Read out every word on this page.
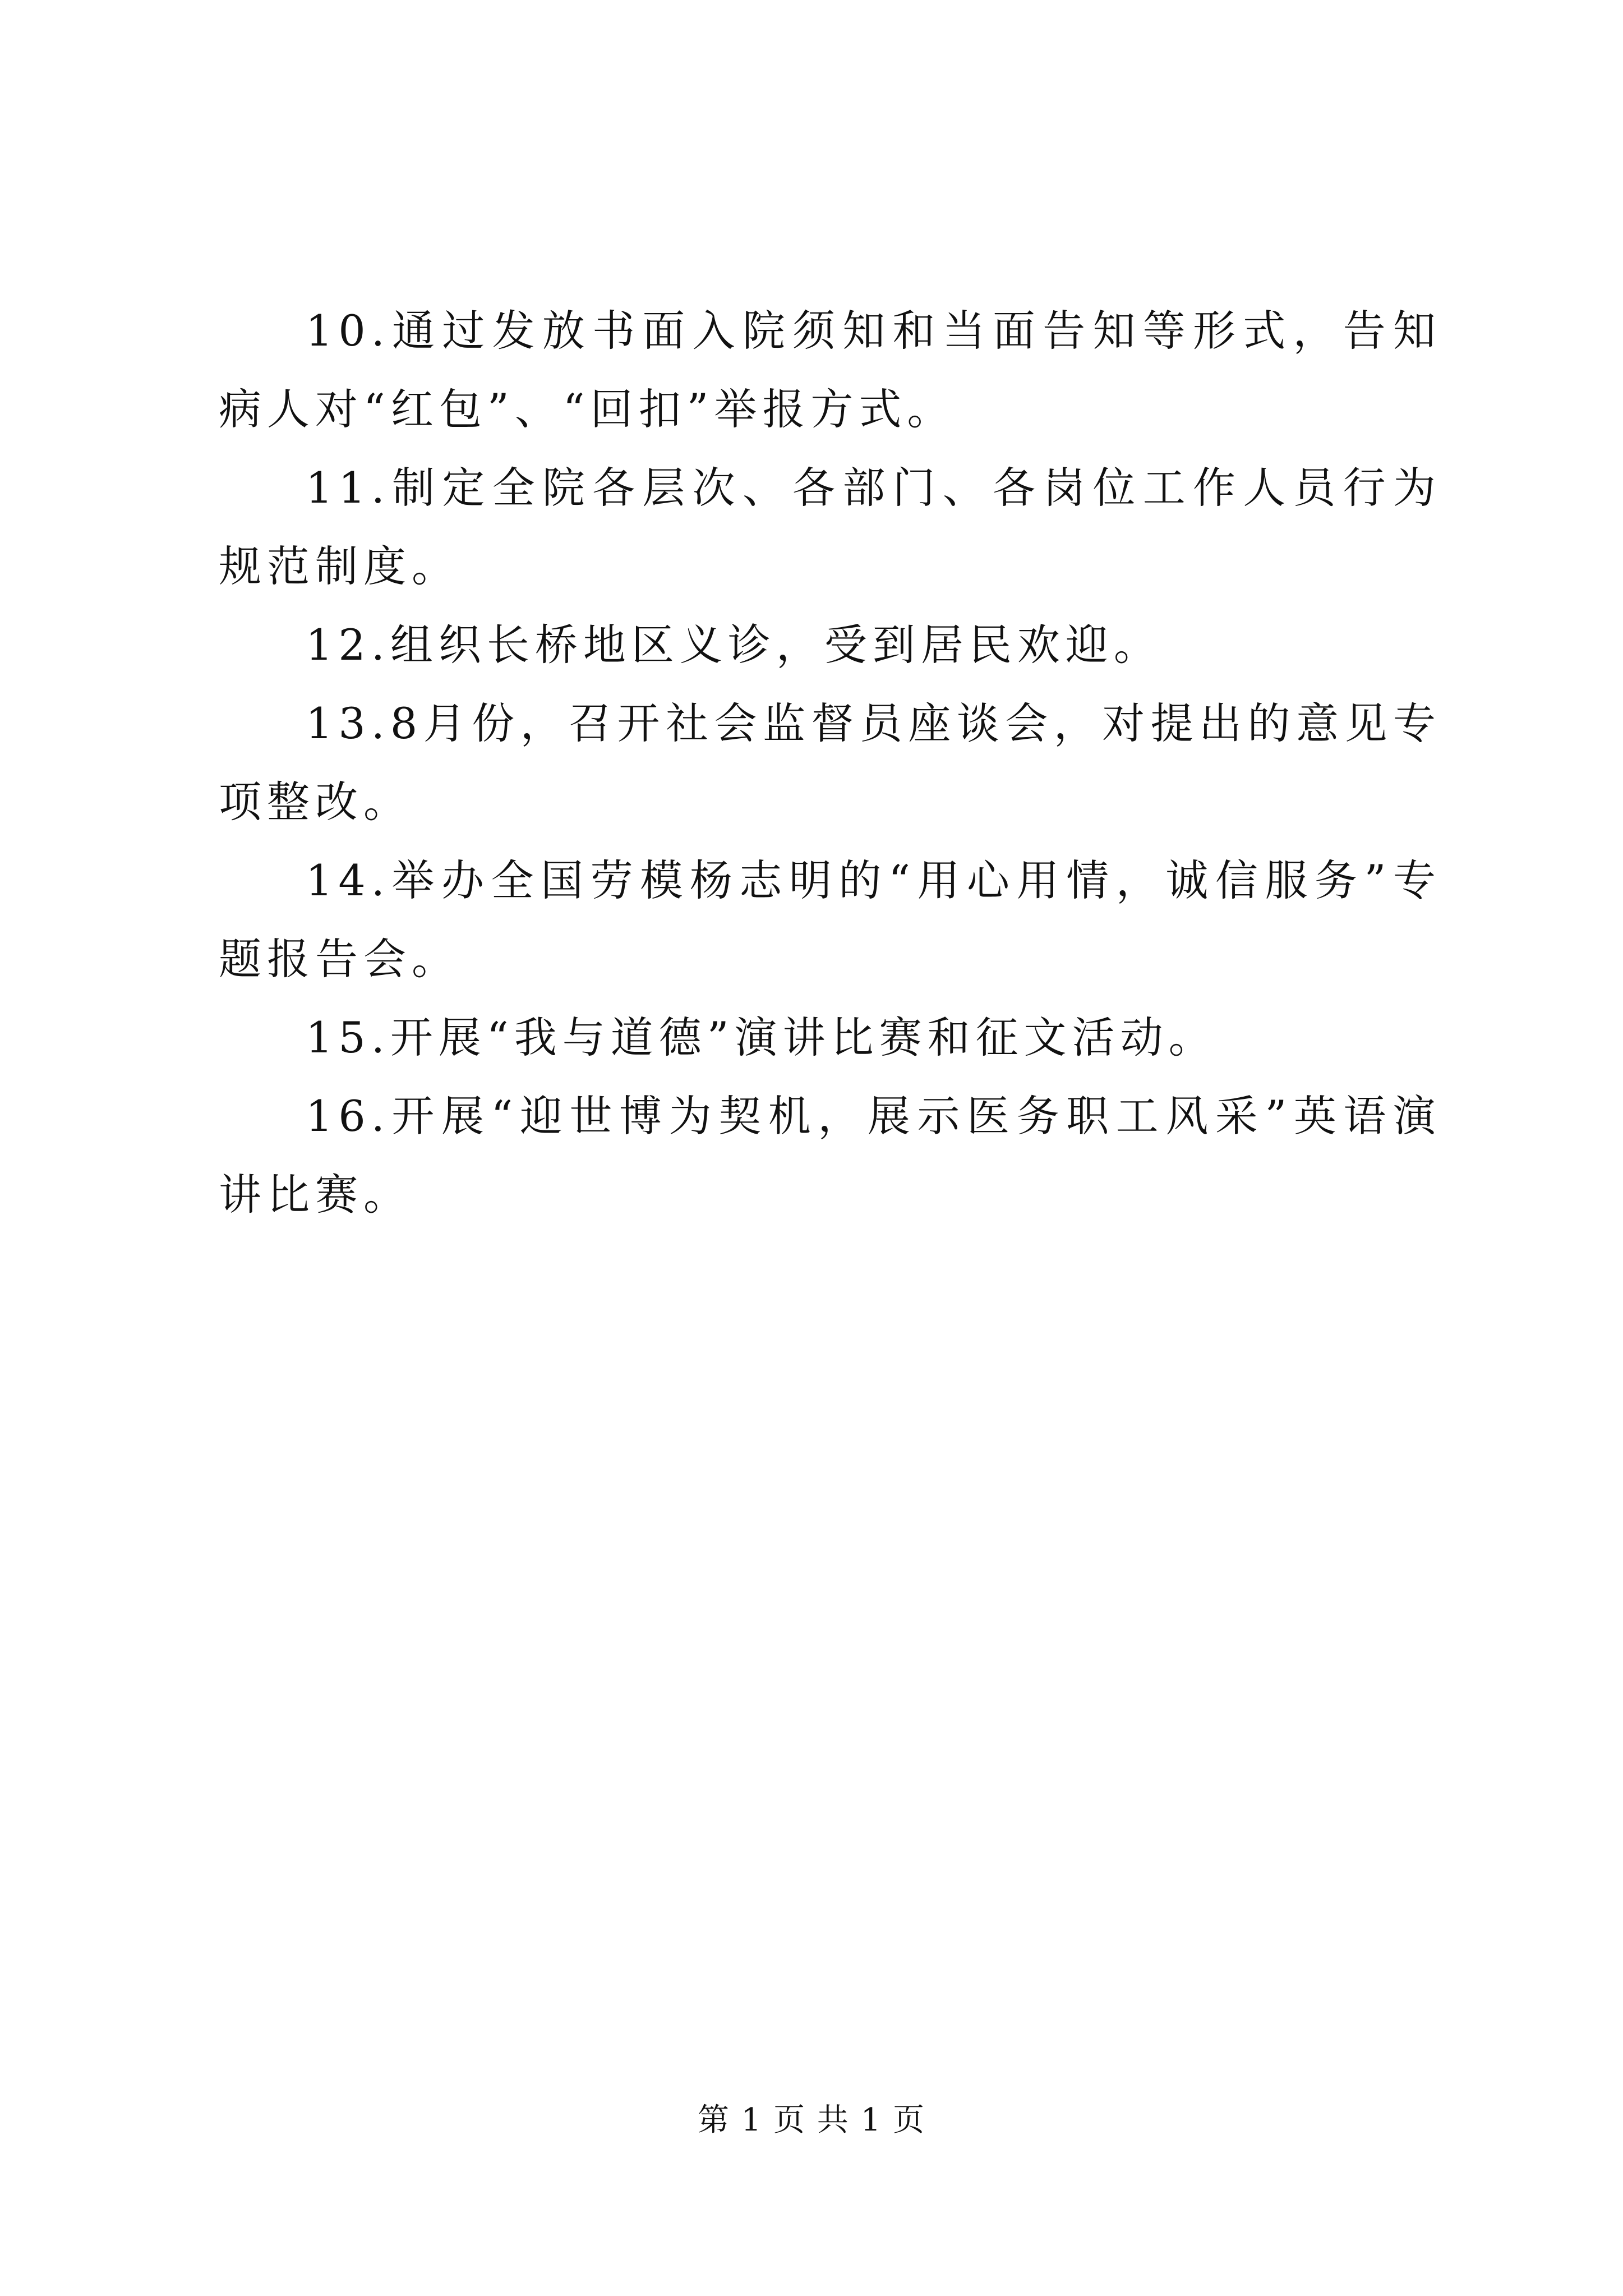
10.通过发放书面入院须知和当面告知等形式，告知病人对“红包”、“回扣”举报方式。

11.制定全院各层次、各部门、各岗位工作人员行为规范制度。

12.组织长桥地区义诊，受到居民欢迎。

13.8月份，召开社会监督员座谈会，对提出的意见专项整改。

14.举办全国劳模杨志明的“用心用情，诚信服务”专题报告会。

15.开展“我与道德”演讲比赛和征文活动。

16.开展“迎世博为契机，展示医务职工风采”英语演讲比赛。

第 1 页 共 1 页
